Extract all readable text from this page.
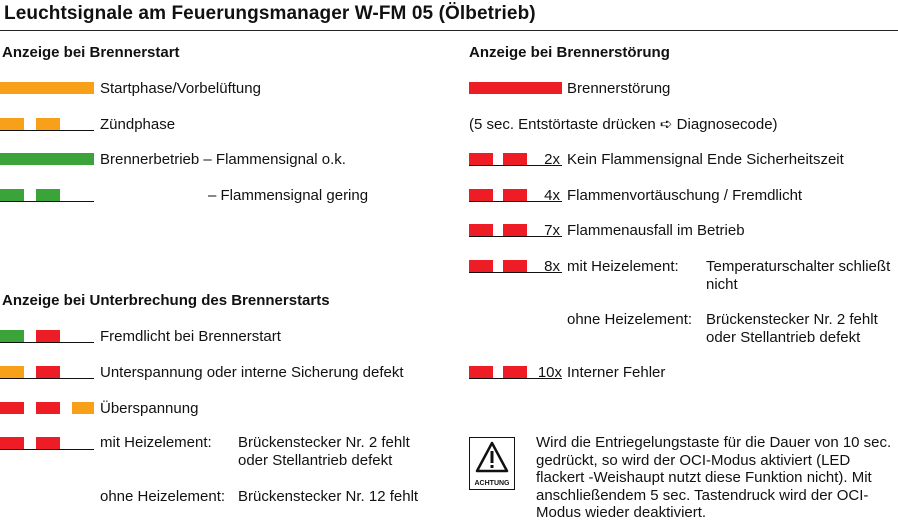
Leuchtsignale am Feuerungsmanager W-FM 05 (Ölbetrieb)
Anzeige bei Brennerstart
Startphase/Vorbelüftung
Zündphase
Brennerbetrieb – Flammensignal o.k.
– Flammensignal gering
Anzeige bei Unterbrechung des Brennerstarts
Fremdlicht bei Brennerstart
Unterspannung oder interne Sicherung defekt
Überspannung
mit Heizelement: Brückenstecker Nr. 2 fehlt oder Stellantrieb defekt
ohne Heizelement: Brückenstecker Nr. 12 fehlt
Anzeige bei Brennerstörung
Brennerstörung
(5 sec. Entstörtaste drücken ➪ Diagnosecode)
2x Kein Flammensignal Ende Sicherheitszeit
4x Flammenvortäuschung / Fremdlicht
7x Flammenausfall im Betrieb
8x mit Heizelement: Temperaturschalter schließt nicht
ohne Heizelement: Brückenstecker Nr. 2 fehlt oder Stellantrieb defekt
10x Interner Fehler
ACHTUNG
Wird die Entriegelungstaste für die Dauer von 10 sec. gedrückt, so wird der OCI-Modus aktiviert (LED flackert -Weishaupt nutzt diese Funktion nicht). Mit anschließendem 5 sec. Tastendruck wird der OCI-Modus wieder deaktiviert.
